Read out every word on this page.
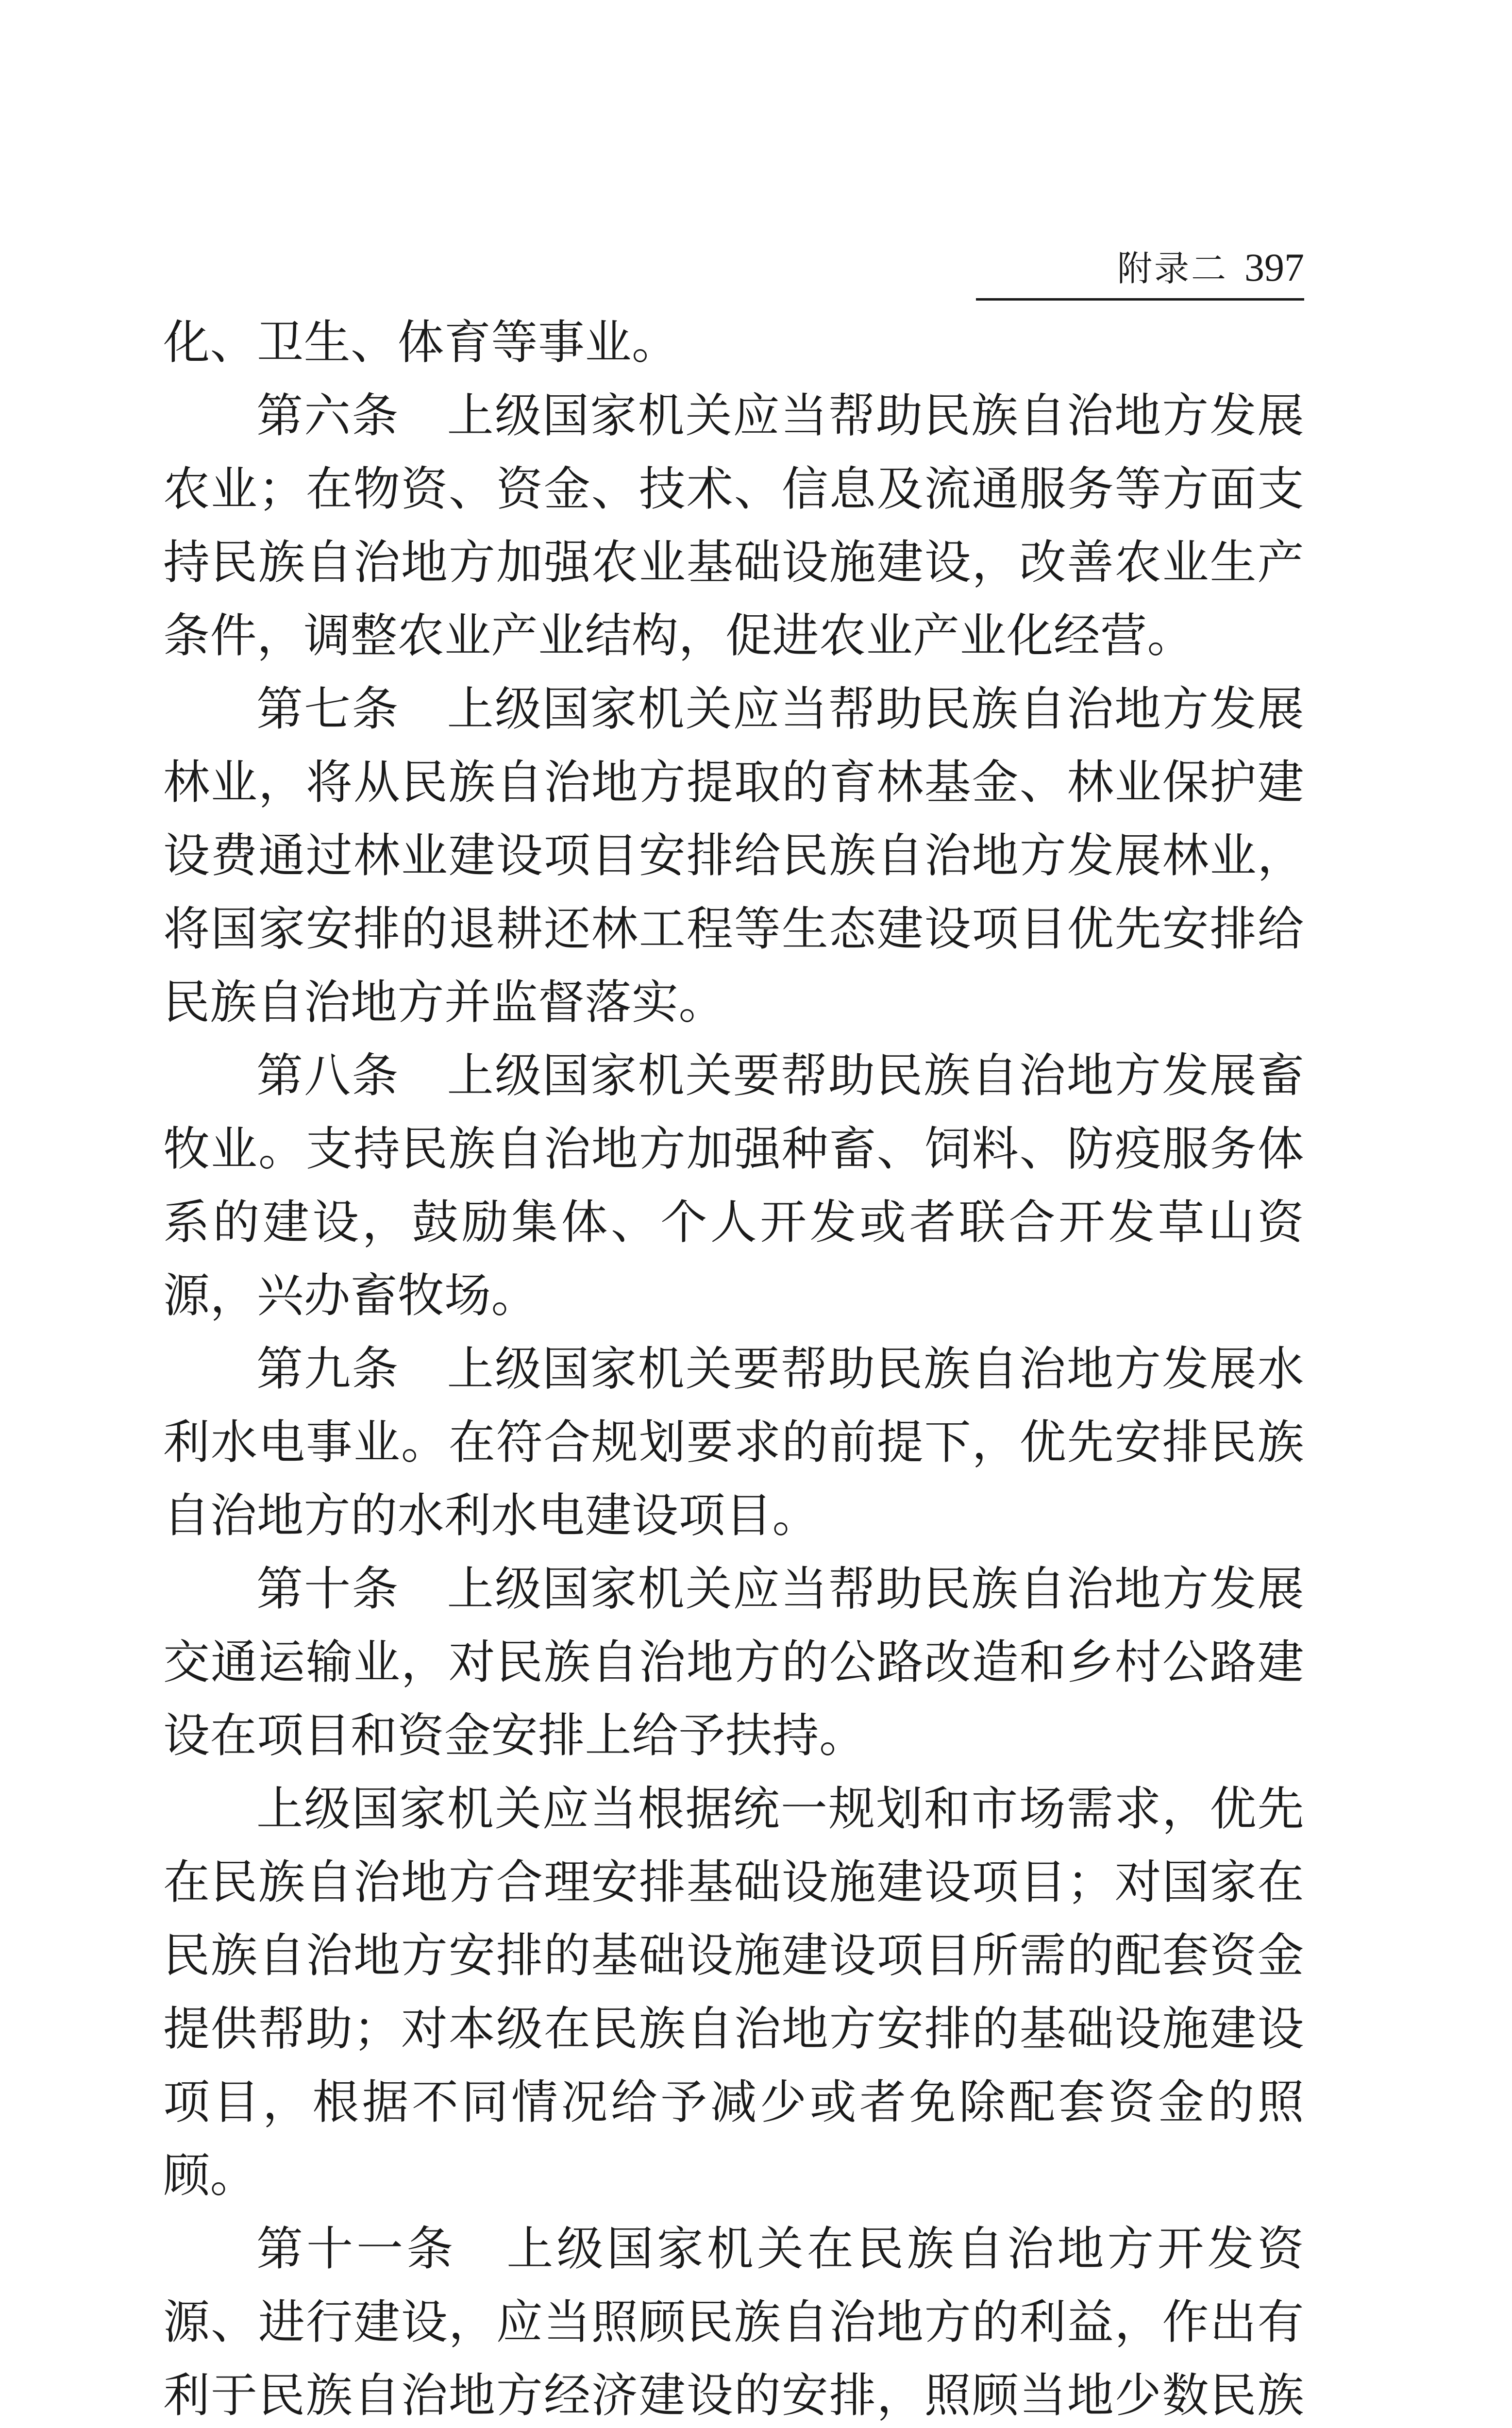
附录二 397

化、卫生、体育等事业。

第六条　上级国家机关应当帮助民族自治地方发展农业；在物资、资金、技术、信息及流通服务等方面支持民族自治地方加强农业基础设施建设，改善农业生产条件，调整农业产业结构，促进农业产业化经营。

第七条　上级国家机关应当帮助民族自治地方发展林业，将从民族自治地方提取的育林基金、林业保护建设费通过林业建设项目安排给民族自治地方发展林业，将国家安排的退耕还林工程等生态建设项目优先安排给民族自治地方并监督落实。

第八条　上级国家机关要帮助民族自治地方发展畜牧业。支持民族自治地方加强种畜、饲料、防疫服务体系的建设，鼓励集体、个人开发或者联合开发草山资源，兴办畜牧场。

第九条　上级国家机关要帮助民族自治地方发展水利水电事业。在符合规划要求的前提下，优先安排民族自治地方的水利水电建设项目。

第十条　上级国家机关应当帮助民族自治地方发展交通运输业，对民族自治地方的公路改造和乡村公路建设在项目和资金安排上给予扶持。

上级国家机关应当根据统一规划和市场需求，优先在民族自治地方合理安排基础设施建设项目；对国家在民族自治地方安排的基础设施建设项目所需的配套资金提供帮助；对本级在民族自治地方安排的基础设施建设项目，根据不同情况给予减少或者免除配套资金的照顾。

第十一条　上级国家机关在民族自治地方开发资源、进行建设，应当照顾民族自治地方的利益，作出有利于民族自治地方经济建设的安排，照顾当地少数民族
